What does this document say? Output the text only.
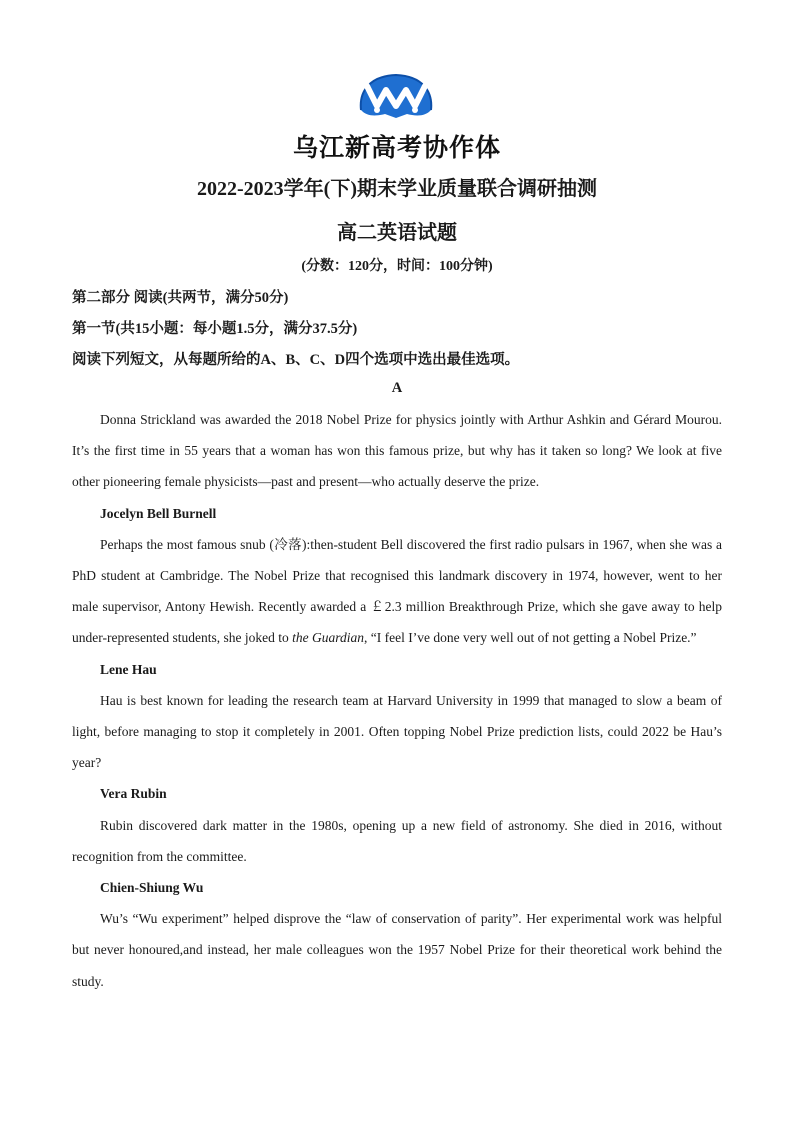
乌江新高考协作体
2022-2023学年(下)期末学业质量联合调研抽测
高二英语试题
(分数：120分，时间：100分钟)
第二部分 阅读(共两节，满分50分)
第一节(共15小题：每小题1.5分，满分37.5分)
阅读下列短文，从每题所给的A、B、C、D四个选项中选出最佳选项。
A

Donna Strickland was awarded the 2018 Nobel Prize for physics jointly with Arthur Ashkin and Gérard Mourou. It’s the first time in 55 years that a woman has won this famous prize, but why has it taken so long? We look at five other pioneering female physicists—past and present—who actually deserve the prize.

Jocelyn Bell Burnell

Perhaps the most famous snub (冷落):then-student Bell discovered the first radio pulsars in 1967, when she was a PhD student at Cambridge. The Nobel Prize that recognised this landmark discovery in 1974, however, went to her male supervisor, Antony Hewish. Recently awarded a ￡2.3 million Breakthrough Prize, which she gave away to help under-represented students, she joked to the Guardian, “I feel I’ve done very well out of not getting a Nobel Prize.”

Lene Hau

Hau is best known for leading the research team at Harvard University in 1999 that managed to slow a beam of light, before managing to stop it completely in 2001. Often topping Nobel Prize prediction lists, could 2022 be Hau’s year?

Vera Rubin

Rubin discovered dark matter in the 1980s, opening up a new field of astronomy. She died in 2016, without recognition from the committee.

Chien-Shiung Wu

Wu’s “Wu experiment” helped disprove the “law of conservation of parity”. Her experimental work was helpful but never honoured,and instead, her male colleagues won the 1957 Nobel Prize for their theoretical work behind the study.
